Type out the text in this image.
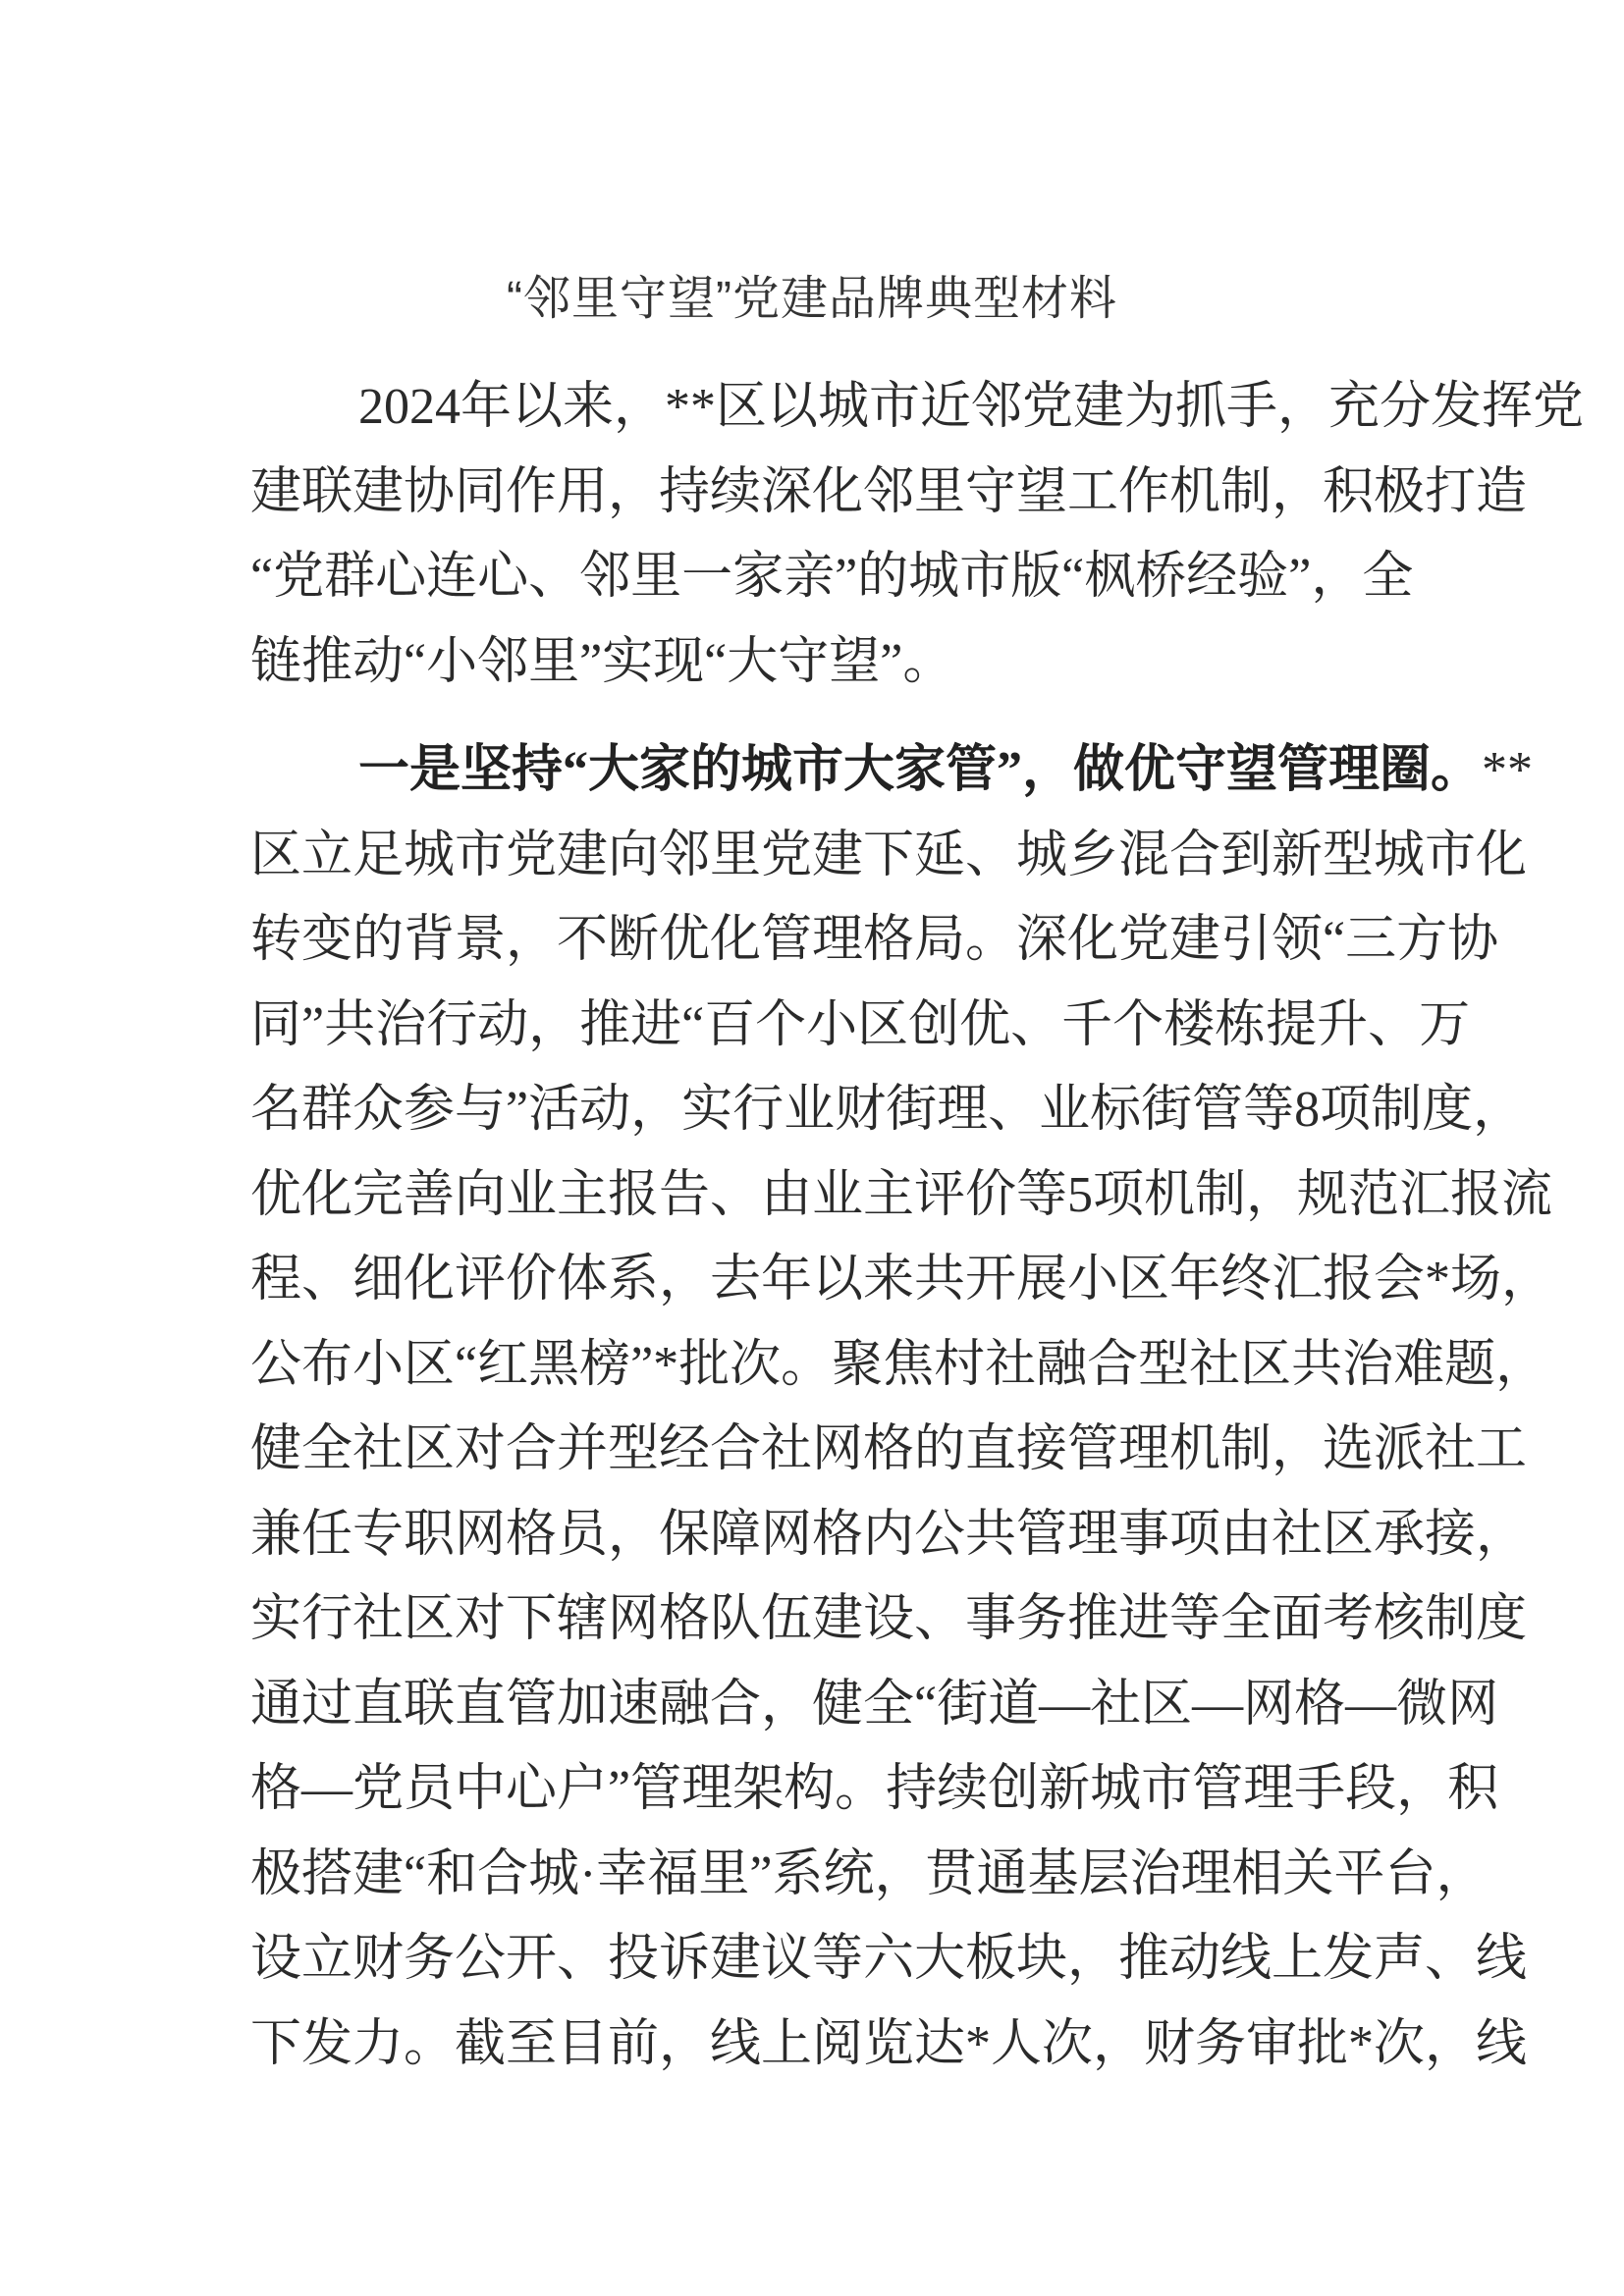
“邻里守望”党建品牌典型材料
2024年以来，**区以城市近邻党建为抓手，充分发挥党
建联建协同作用，持续深化邻里守望工作机制，积极打造
“党群心连心、邻里一家亲”的城市版“枫桥经验”，全
链推动“小邻里”实现“大守望”。
一是坚持“大家的城市大家管”，做优守望管理圈。**
区立足城市党建向邻里党建下延、城乡混合到新型城市化
转变的背景，不断优化管理格局。深化党建引领“三方协
同”共治行动，推进“百个小区创优、千个楼栋提升、万
名群众参与”活动，实行业财街理、业标街管等8项制度，
优化完善向业主报告、由业主评价等5项机制，规范汇报流
程、细化评价体系，去年以来共开展小区年终汇报会*场，
公布小区“红黑榜”*批次。聚焦村社融合型社区共治难题，
健全社区对合并型经合社网格的直接管理机制，选派社工
兼任专职网格员，保障网格内公共管理事项由社区承接，
实行社区对下辖网格队伍建设、事务推进等全面考核制度
通过直联直管加速融合，健全“街道—社区—网格—微网
格—党员中心户”管理架构。持续创新城市管理手段，积
极搭建“和合城·幸福里”系统，贯通基层治理相关平台，
设立财务公开、投诉建议等六大板块，推动线上发声、线
下发力。截至目前，线上阅览达*人次，财务审批*次，线
